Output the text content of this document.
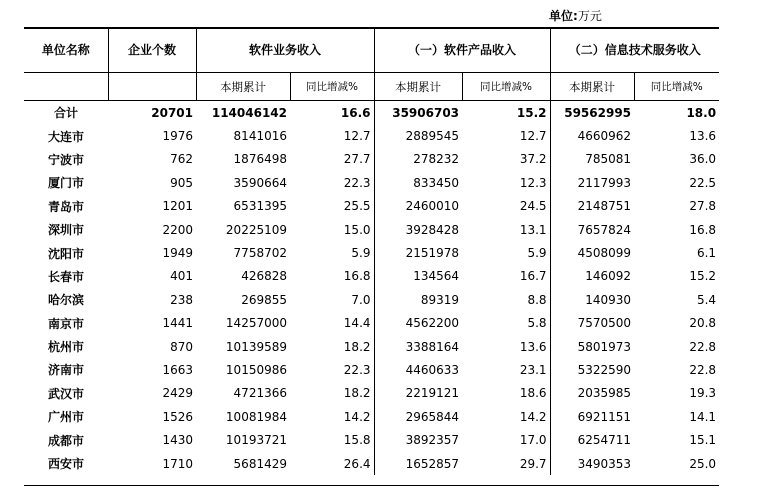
单位:万元
单位名称	企业个数	软件业务收入		（一）软件产品收入		（二）信息技术服务收入	
		本期累计	同比增减%	本期累计	同比增减%	本期累计	同比增减%
合计	20701	114046142	16.6	35906703	15.2	59562995	18.0
大连市	1976	8141016	12.7	2889545	12.7	4660962	13.6
宁波市	762	1876498	27.7	278232	37.2	785081	36.0
厦门市	905	3590664	22.3	833450	12.3	2117993	22.5
青岛市	1201	6531395	25.5	2460010	24.5	2148751	27.8
深圳市	2200	20225109	15.0	3928428	13.1	7657824	16.8
沈阳市	1949	7758702	5.9	2151978	5.9	4508099	6.1
长春市	401	426828	16.8	134564	16.7	146092	15.2
哈尔滨	238	269855	7.0	89319	8.8	140930	5.4
南京市	1441	14257000	14.4	4562200	5.8	7570500	20.8
杭州市	870	10139589	18.2	3388164	13.6	5801973	22.8
济南市	1663	10150986	22.3	4460633	23.1	5322590	22.8
武汉市	2429	4721366	18.2	2219121	18.6	2035985	19.3
广州市	1526	10081984	14.2	2965844	14.2	6921151	14.1
成都市	1430	10193721	15.8	3892357	17.0	6254711	15.1
西安市	1710	5681429	26.4	1652857	29.7	3490353	25.0
